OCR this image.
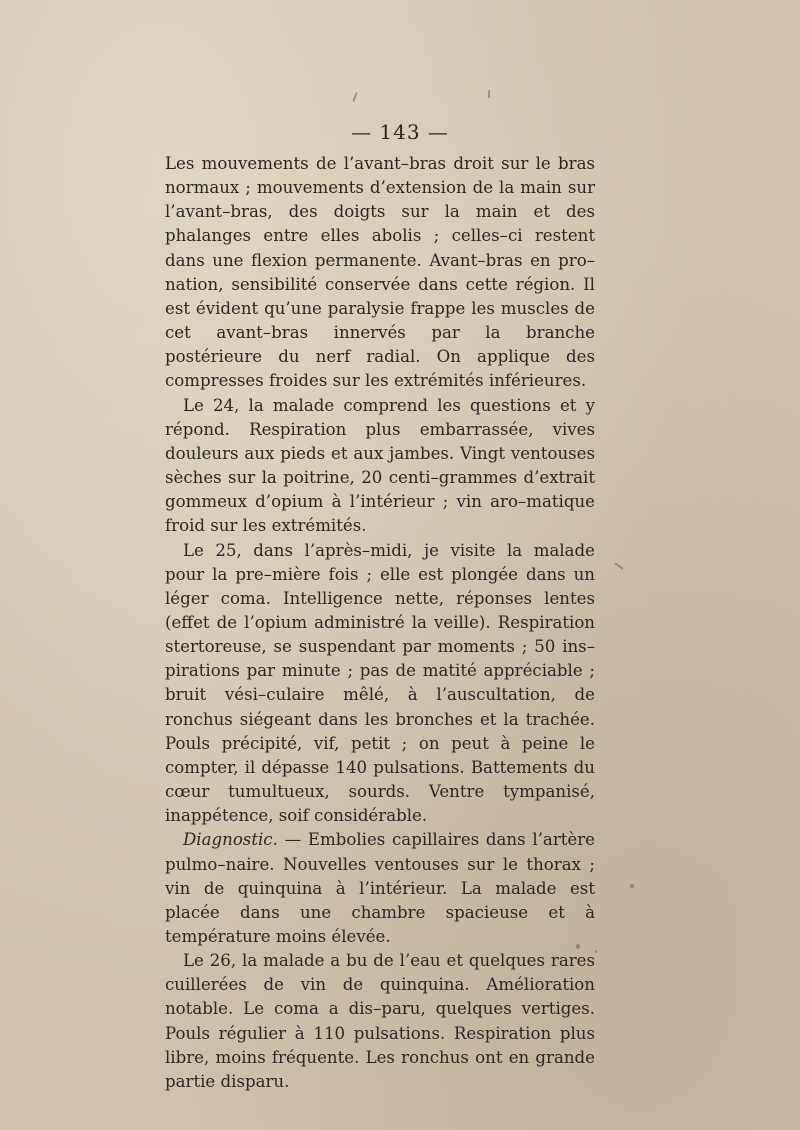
— 143 —

Les mouvements de l’avant–bras droit sur le bras normaux ; mouvements d’extension de la main sur l’avant–bras, des doigts sur la main et des phalanges entre elles abolis ; celles–ci restent dans une flexion permanente. Avant–bras en pro–nation, sensibilité conservée dans cette région. Il est évident qu’une paralysie frappe les muscles de cet avant–bras innervés par la branche postérieure du nerf radial. On applique des compresses froides sur les extrémités inférieures.

Le 24, la malade comprend les questions et y répond. Respiration plus embarrassée, vives douleurs aux pieds et aux jambes. Vingt ventouses sèches sur la poitrine, 20 centi–grammes d’extrait gommeux d’opium à l’intérieur ; vin aro–matique froid sur les extrémités.

Le 25, dans l’après–midi, je visite la malade pour la pre–mière fois ; elle est plongée dans un léger coma. Intelligence nette, réponses lentes (effet de l’opium administré la veille). Respiration stertoreuse, se suspendant par moments ; 50 ins–pirations par minute ; pas de matité appréciable ; bruit vési–culaire mêlé, à l’auscultation, de ronchus siégeant dans les bronches et la trachée. Pouls précipité, vif, petit ; on peut à peine le compter, il dépasse 140 pulsations. Battements du cœur tumultueux, sourds. Ventre tympanisé, inappétence, soif considérable.

Diagnostic. — Embolies capillaires dans l’artère pulmo–naire. Nouvelles ventouses sur le thorax ; vin de quinquina à l’intérieur. La malade est placée dans une chambre spacieuse et à température moins élevée.

Le 26, la malade a bu de l’eau et quelques rares cuillerées de vin de quinquina. Amélioration notable. Le coma a dis–paru, quelques vertiges. Pouls régulier à 110 pulsations. Respiration plus libre, moins fréquente. Les ronchus ont en grande partie disparu.
